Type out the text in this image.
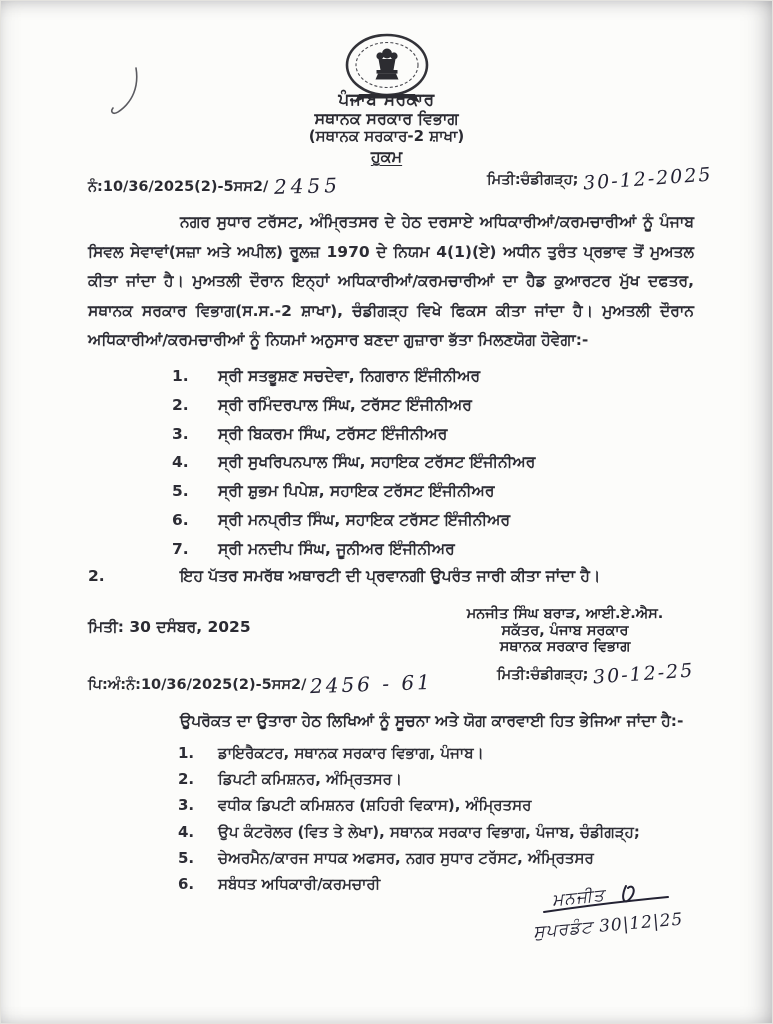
ਪੰਜਾਬ ਸਰਕਾਰ
ਸਥਾਨਕ ਸਰਕਾਰ ਵਿਭਾਗ
(ਸਥਾਨਕ ਸਰਕਾਰ-2 ਸ਼ਾਖਾ)
ਹੁਕਮ
ਨੰ:10/36/2025(2)-5ਸਸ2/ 2455	ਮਿਤੀ:ਚੰਡੀਗੜ੍ਹ; 30-12-2025
ਨਗਰ ਸੁਧਾਰ ਟਰੱਸਟ, ਅੰਮ੍ਰਿਤਸਰ ਦੇ ਹੇਠ ਦਰਸਾਏ ਅਧਿਕਾਰੀਆਂ/ਕਰਮਚਾਰੀਆਂ ਨੂੰ ਪੰਜਾਬ ਸਿਵਲ ਸੇਵਾਵਾਂ(ਸਜ਼ਾ ਅਤੇ ਅਪੀਲ) ਰੂਲਜ਼ 1970 ਦੇ ਨਿਯਮ 4(1)(ਏ) ਅਧੀਨ ਤੁਰੰਤ ਪ੍ਰਭਾਵ ਤੋਂ ਮੁਅਤਲ ਕੀਤਾ ਜਾਂਦਾ ਹੈ। ਮੁਅਤਲੀ ਦੌਰਾਨ ਇਨ੍ਹਾਂ ਅਧਿਕਾਰੀਆਂ/ਕਰਮਚਾਰੀਆਂ ਦਾ ਹੈਡ ਕੁਆਰਟਰ ਮੁੱਖ ਦਫਤਰ, ਸਥਾਨਕ ਸਰਕਾਰ ਵਿਭਾਗ(ਸ.ਸ.-2 ਸ਼ਾਖਾ), ਚੰਡੀਗੜ੍ਹ ਵਿਖੇ ਫਿਕਸ ਕੀਤਾ ਜਾਂਦਾ ਹੈ। ਮੁਅਤਲੀ ਦੌਰਾਨ ਅਧਿਕਾਰੀਆਂ/ਕਰਮਚਾਰੀਆਂ ਨੂੰ ਨਿਯਮਾਂ ਅਨੁਸਾਰ ਬਣਦਾ ਗੁਜ਼ਾਰਾ ਭੱਤਾ ਮਿਲਣਯੋਗ ਹੋਵੇਗਾ:-
1.	ਸ੍ਰੀ ਸਤਭੂਸ਼ਣ ਸਚਦੇਵਾ, ਨਿਗਰਾਨ ਇੰਜੀਨੀਅਰ
2.	ਸ੍ਰੀ ਰਮਿੰਦਰਪਾਲ ਸਿੰਘ, ਟਰੱਸਟ ਇੰਜੀਨੀਅਰ
3.	ਸ੍ਰੀ ਬਿਕਰਮ ਸਿੰਘ, ਟਰੱਸਟ ਇੰਜੀਨੀਅਰ
4.	ਸ੍ਰੀ ਸੁਖਰਿਪਨਪਾਲ ਸਿੰਘ, ਸਹਾਇਕ ਟਰੱਸਟ ਇੰਜੀਨੀਅਰ
5.	ਸ੍ਰੀ ਸ਼ੁਭਮ ਪਿਪੇਸ਼, ਸਹਾਇਕ ਟਰੱਸਟ ਇੰਜੀਨੀਅਰ
6.	ਸ੍ਰੀ ਮਨਪ੍ਰੀਤ ਸਿੰਘ, ਸਹਾਇਕ ਟਰੱਸਟ ਇੰਜੀਨੀਅਰ
7.	ਸ੍ਰੀ ਮਨਦੀਪ ਸਿੰਘ, ਜੂਨੀਅਰ ਇੰਜੀਨੀਅਰ
2.	ਇਹ ਪੱਤਰ ਸਮਰੱਥ ਅਥਾਰਟੀ ਦੀ ਪ੍ਰਵਾਨਗੀ ਉਪਰੰਤ ਜਾਰੀ ਕੀਤਾ ਜਾਂਦਾ ਹੈ।
ਮਿਤੀ: 30 ਦਸੰਬਰ, 2025
ਮਨਜੀਤ ਸਿੰਘ ਬਰਾੜ, ਆਈ.ਏ.ਐਸ.
ਸਕੱਤਰ, ਪੰਜਾਬ ਸਰਕਾਰ
ਸਥਾਨਕ ਸਰਕਾਰ ਵਿਭਾਗ
ਪਿ:ਅੰ:ਨੰ:10/36/2025(2)-5ਸਸ2/ 2456 - 61	ਮਿਤੀ:ਚੰਡੀਗੜ੍ਹ; 30-12-25
ਉਪਰੋਕਤ ਦਾ ਉਤਾਰਾ ਹੇਠ ਲਿਖਿਆਂ ਨੂੰ ਸੂਚਨਾ ਅਤੇ ਯੋਗ ਕਾਰਵਾਈ ਹਿਤ ਭੇਜਿਆ ਜਾਂਦਾ ਹੈ:-
1.	ਡਾਇਰੈਕਟਰ, ਸਥਾਨਕ ਸਰਕਾਰ ਵਿਭਾਗ, ਪੰਜਾਬ।
2.	ਡਿਪਟੀ ਕਮਿਸ਼ਨਰ, ਅੰਮ੍ਰਿਤਸਰ।
3.	ਵਧੀਕ ਡਿਪਟੀ ਕਮਿਸ਼ਨਰ (ਸ਼ਹਿਰੀ ਵਿਕਾਸ), ਅੰਮ੍ਰਿਤਸਰ
4.	ਉਪ ਕੰਟਰੋਲਰ (ਵਿਤ ਤੇ ਲੇਖਾ), ਸਥਾਨਕ ਸਰਕਾਰ ਵਿਭਾਗ, ਪੰਜਾਬ, ਚੰਡੀਗੜ੍ਹ;
5.	ਚੇਅਰਮੈਨ/ਕਾਰਜ ਸਾਧਕ ਅਫਸਰ, ਨਗਰ ਸੁਧਾਰ ਟਰੱਸਟ, ਅੰਮ੍ਰਿਤਸਰ
6.	ਸਬੰਧਤ ਅਧਿਕਾਰੀ/ਕਰਮਚਾਰੀ
ਮਨਜੀਤ
ਸੁਪਰਡੰਟ 30|12|25
